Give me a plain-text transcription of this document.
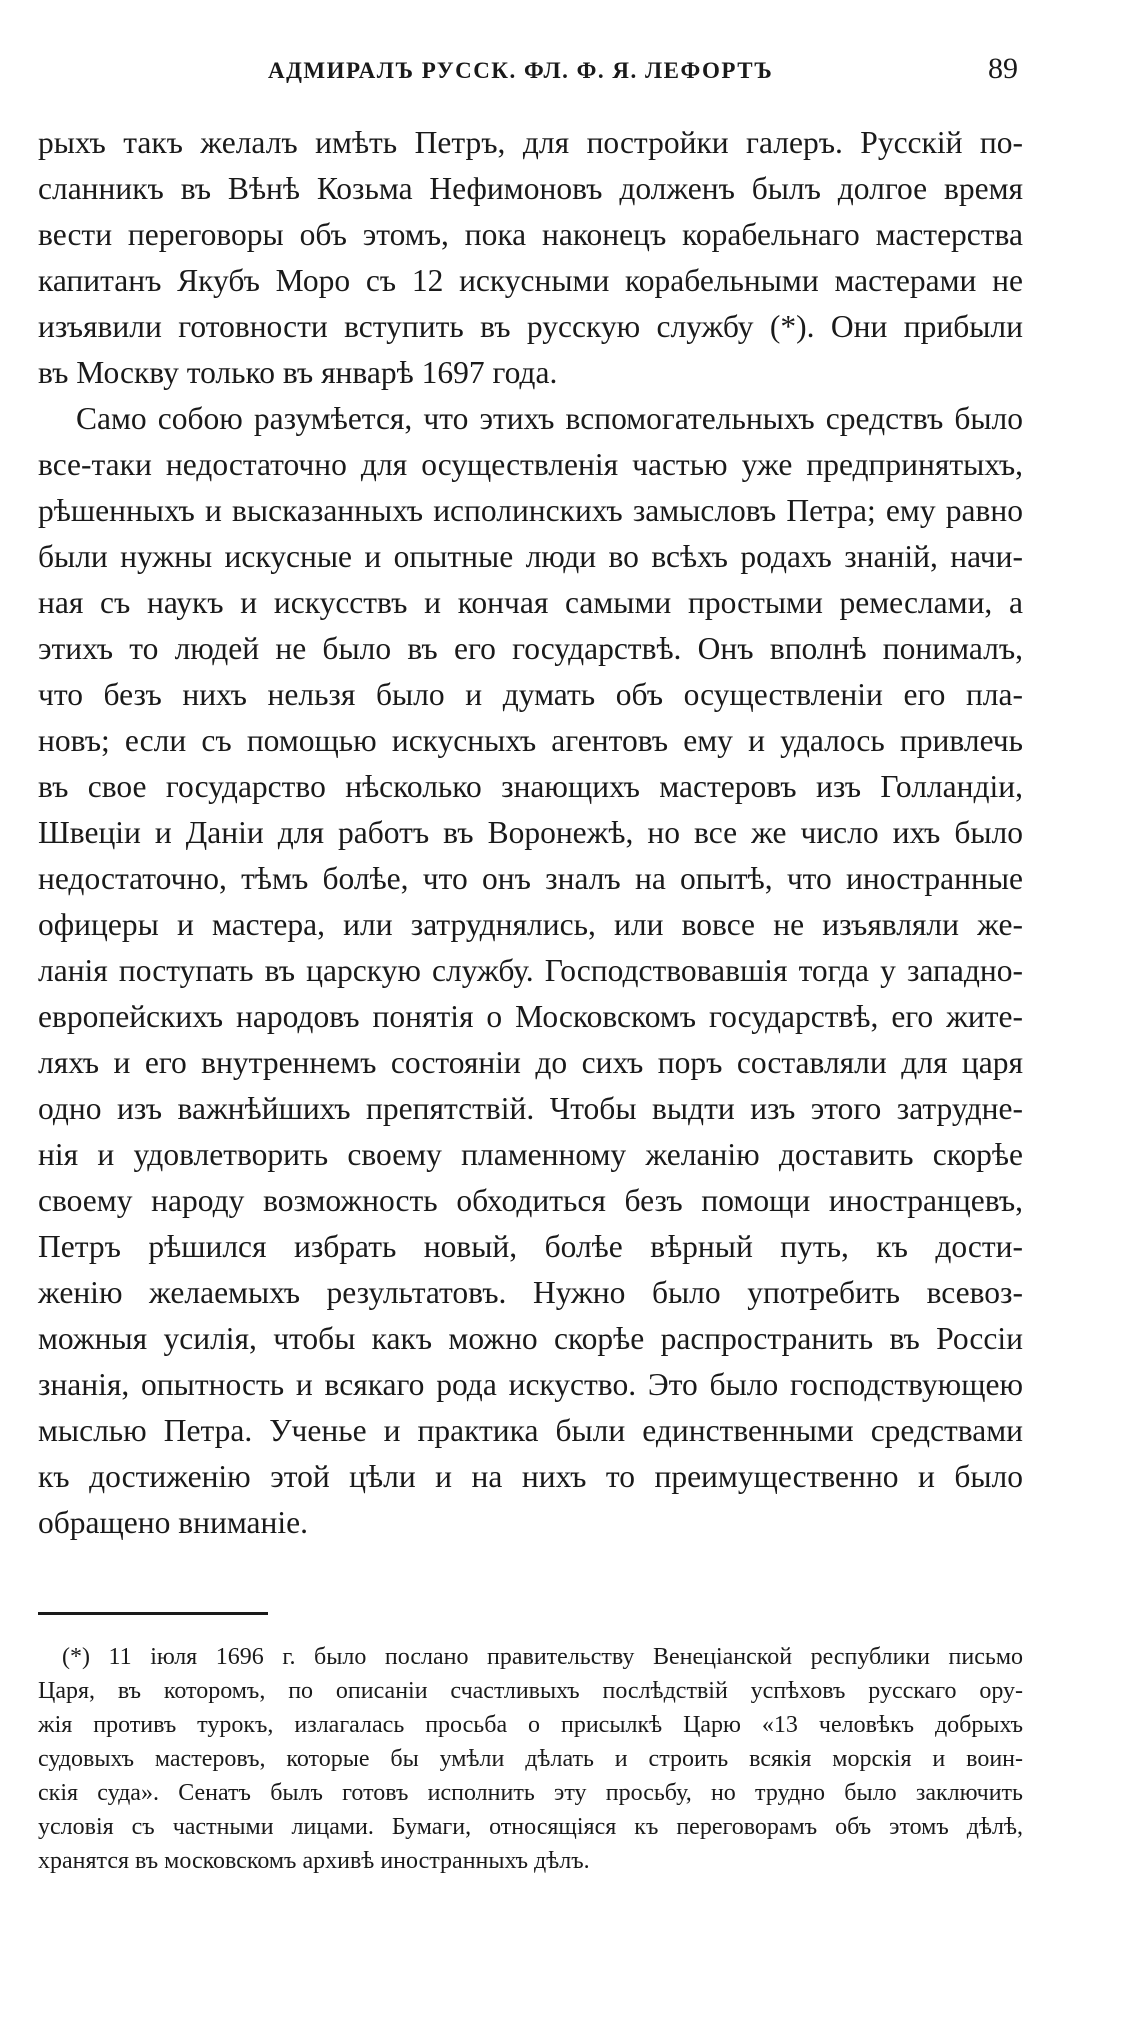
АДМИРАЛЪ РУССК. ФЛ. Ф. Я. ЛЕФОРТЪ	89
рыхъ такъ желалъ имѣть Петръ, для постройки галеръ. Русскій по-
сланникъ въ Вѣнѣ Козьма Нефимоновъ долженъ былъ долгое время
вести переговоры объ этомъ, пока наконецъ корабельнаго мастерства
капитанъ Якубъ Моро съ 12 искусными корабельными мастерами не
изъявили готовности вступить въ русскую службу (*). Они прибыли
въ Москву только въ январѣ 1697 года.
Само собою разумѣется, что этихъ вспомогательныхъ средствъ было
все-таки недостаточно для осуществленія частью уже предпринятыхъ,
рѣшенныхъ и высказанныхъ исполинскихъ замысловъ Петра; ему равно
были нужны искусные и опытные люди во всѣхъ родахъ знаній, начи-
ная съ наукъ и искусствъ и кончая самыми простыми ремеслами, а
этихъ то людей не было въ его государствѣ. Онъ вполнѣ понималъ,
что безъ нихъ нельзя было и думать объ осуществленіи его пла-
новъ; если съ помощью искусныхъ агентовъ ему и удалось привлечь
въ свое государство нѣсколько знающихъ мастеровъ изъ Голландіи,
Швеціи и Даніи для работъ въ Воронежѣ, но все же число ихъ было
недостаточно, тѣмъ болѣе, что онъ зналъ на опытѣ, что иностранные
офицеры и мастера, или затруднялись, или вовсе не изъявляли же-
ланія поступать въ царскую службу. Господствовавшія тогда у западно-
европейскихъ народовъ понятія о Московскомъ государствѣ, его жите-
ляхъ и его внутреннемъ состояніи до сихъ поръ составляли для царя
одно изъ важнѣйшихъ препятствій. Чтобы выдти изъ этого затрудне-
нія и удовлетворить своему пламенному желанію доставить скорѣе
своему народу возможность обходиться безъ помощи иностранцевъ,
Петръ рѣшился избрать новый, болѣе вѣрный путь, къ дости-
женію желаемыхъ результатовъ. Нужно было употребить всевоз-
можныя усилія, чтобы какъ можно скорѣе распространить въ Россіи
знанія, опытность и всякаго рода искуство. Это было господствующею
мыслью Петра. Ученье и практика были единственными средствами
къ достиженію этой цѣли и на нихъ то преимущественно и было
обращено вниманіе.
(*) 11 іюля 1696 г. было послано правительству Венеціанской республики письмо
Царя, въ которомъ, по описаніи счастливыхъ послѣдствій успѣховъ русскаго ору-
жія противъ турокъ, излагалась просьба о присылкѣ Царю «13 человѣкъ добрыхъ
судовыхъ мастеровъ, которые бы умѣли дѣлать и строить всякія морскія и воин-
скія суда». Сенатъ былъ готовъ исполнить эту просьбу, но трудно было заключить
условія съ частными лицами. Бумаги, относящіяся къ переговорамъ объ этомъ дѣлѣ,
хранятся въ московскомъ архивѣ иностранныхъ дѣлъ.
